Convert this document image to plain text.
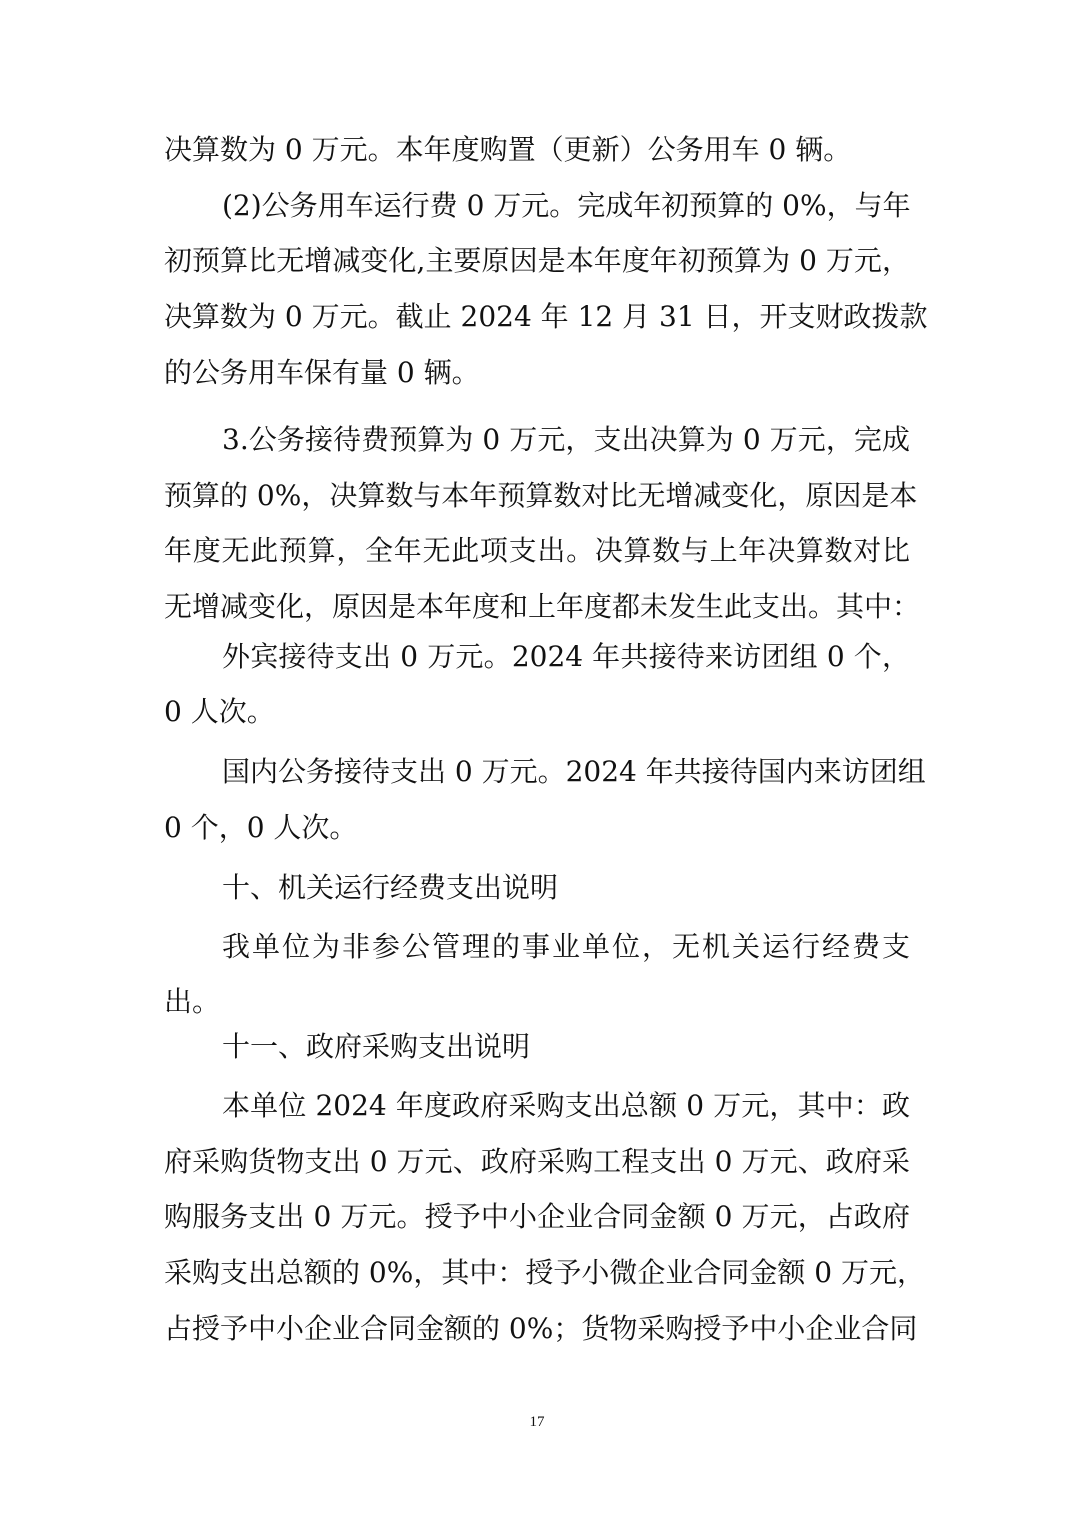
决算数为 0 万元。本年度购置（更新）公务用车 0 辆。
(2)公务用车运行费 0 万元。完成年初预算的 0%，与年
初预算比无增减变化,主要原因是本年度年初预算为 0 万元，
决算数为 0 万元。截止 2024 年 12 月 31 日，开支财政拨款
的公务用车保有量 0 辆。
3.公务接待费预算为 0 万元，支出决算为 0 万元，完成
预算的 0%，决算数与本年预算数对比无增减变化，原因是本
年度无此预算，全年无此项支出。决算数与上年决算数对比
无增减变化，原因是本年度和上年度都未发生此支出。其中：
外宾接待支出 0 万元。2024 年共接待来访团组 0 个，
0 人次。
国内公务接待支出 0 万元。2024 年共接待国内来访团组
0 个，0 人次。
十、机关运行经费支出说明
我单位为非参公管理的事业单位，无机关运行经费支
出。
十一、政府采购支出说明
本单位 2024 年度政府采购支出总额 0 万元，其中：政
府采购货物支出 0 万元、政府采购工程支出 0 万元、政府采
购服务支出 0 万元。授予中小企业合同金额 0 万元，占政府
采购支出总额的 0%，其中：授予小微企业合同金额 0 万元，
占授予中小企业合同金额的 0%；货物采购授予中小企业合同
17
